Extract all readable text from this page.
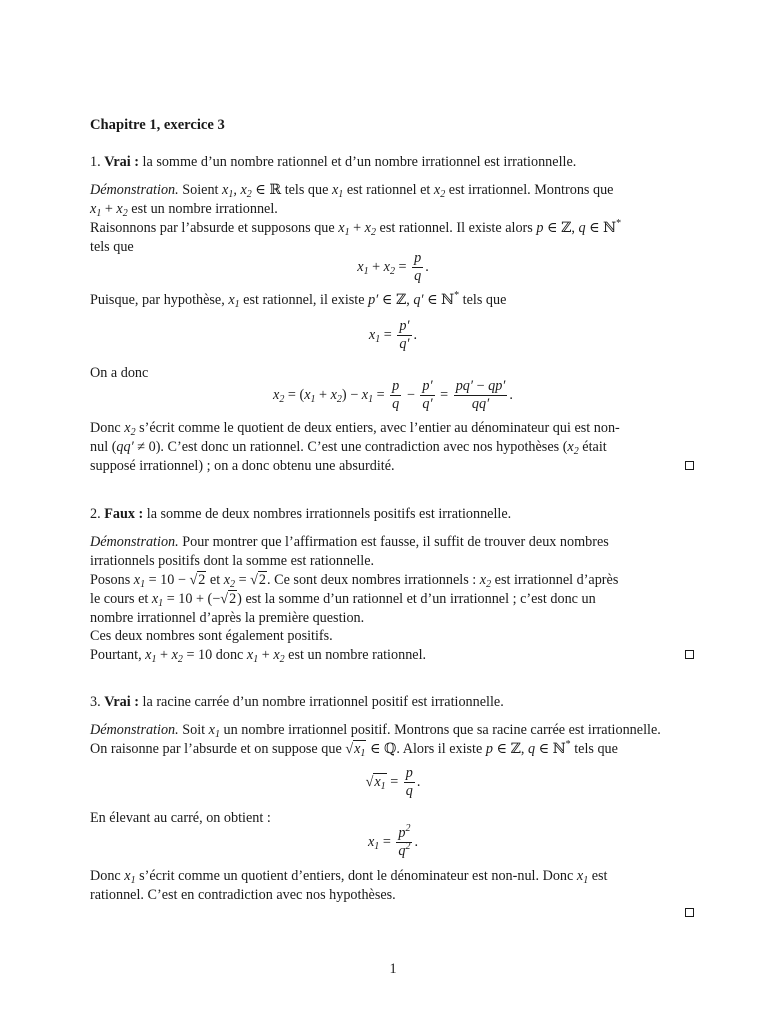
Chapitre 1, exercice 3
1. Vrai : la somme d’un nombre rationnel et d’un nombre irrationnel est irrationnelle.
Démonstration. Soient $x_1$, $x_2$ ∈ ℝ tels que $x_1$ est rationnel et $x_2$ est irrationnel. Montrons que
$x_1 + x_2$ est un nombre irrationnel.
Raisonnons par l’absurde et supposons que $x_1 + x_2$ est rationnel. Il existe alors p ∈ ℤ, q ∈ ℕ*
tels que
$x_1 + x_2 = \frac{p}{q}$ .
Puisque, par hypothèse, $x_1$ est rationnel, il existe p′ ∈ ℤ, q′ ∈ ℕ* tels que
$x_1 = \frac{p'}{q'}$ .
On a donc
$x_2 = (x_1 + x_2) - x_1 = \frac{p}{q} - \frac{p'}{q'} = \frac{pq' - qp'}{qq'}$ .
Donc $x_2$ s’écrit comme le quotient de deux entiers, avec l’entier au dénominateur qui est non-
nul (qq′ ≠ 0). C’est donc un rationnel. C’est une contradiction avec nos hypothèses ($x_2$ était
supposé irrationnel) ; on a donc obtenu une absurdité.
2. Faux : la somme de deux nombres irrationnels positifs est irrationnelle.
Démonstration. Pour montrer que l’affirmation est fausse, il suffit de trouver deux nombres
irrationnels positifs dont la somme est rationnelle.
Posons $x_1 = 10 - √2$ et $x_2 = √2$. Ce sont deux nombres irrationnels : $x_2$ est irrationnel d’après
le cours et $x_1 = 10 + (-√2)$ est la somme d’un rationnel et d’un irrationnel ; c’est donc un
nombre irrationnel d’après la première question.
Ces deux nombres sont également positifs.
Pourtant, $x_1 + x_2 = 10$ donc $x_1 + x_2$ est un nombre rationnel.
3. Vrai : la racine carrée d’un nombre irrationnel positif est irrationnelle.
Démonstration. Soit $x_1$ un nombre irrationnel positif. Montrons que sa racine carrée est irrationnelle.
On raisonne par l’absurde et on suppose que $√x_1$ ∈ ℚ. Alors il existe p ∈ ℤ, q ∈ ℕ* tels que
$√x_1 = \frac{p}{q}$ .
En élevant au carré, on obtient :
$x_1 = \frac{p^2}{q^2}$ .
Donc $x_1$ s’écrit comme un quotient d’entiers, dont le dénominateur est non-nul. Donc $x_1$ est
rationnel. C’est en contradiction avec nos hypothèses.
1
